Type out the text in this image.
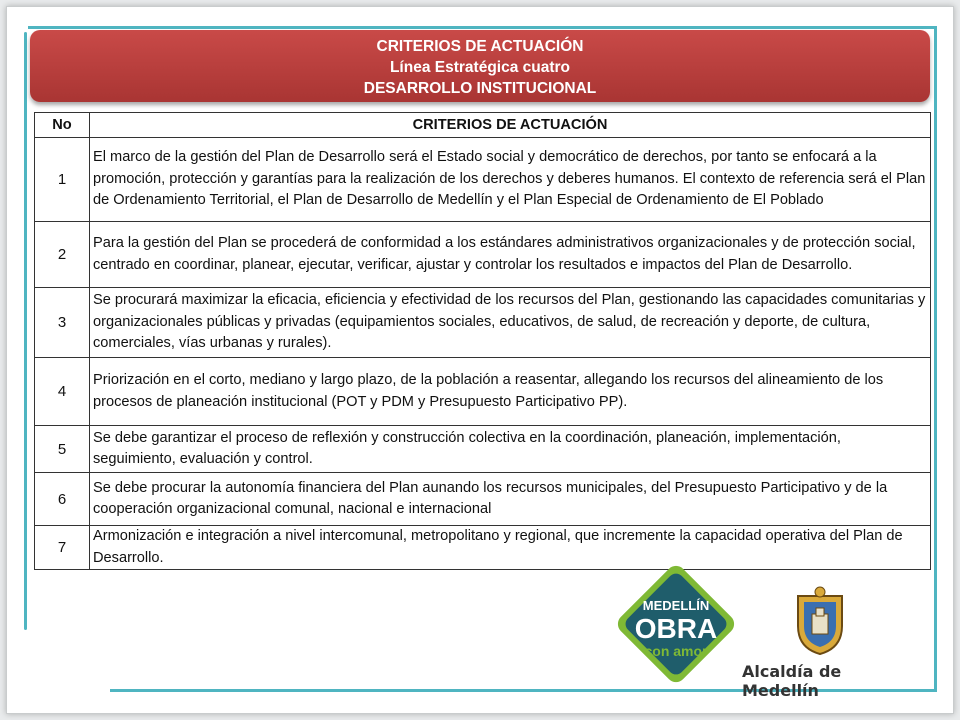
CRITERIOS DE ACTUACIÓN
Línea Estratégica cuatro
DESARROLLO INSTITUCIONAL
No	CRITERIOS DE ACTUACIÓN
1	El marco de la gestión del Plan de Desarrollo será el Estado social y democrático de derechos, por tanto se enfocará a la promoción, protección y garantías para la realización de los derechos y deberes humanos. El contexto de referencia será el Plan de Ordenamiento Territorial, el Plan de Desarrollo de Medellín y el Plan Especial de Ordenamiento de El Poblado
2	Para la gestión del Plan se procederá de conformidad a los estándares administrativos organizacionales y de protección social, centrado en coordinar, planear, ejecutar, verificar, ajustar y controlar los resultados e impactos del Plan de Desarrollo.
3	Se procurará maximizar la eficacia, eficiencia y efectividad de los recursos del Plan, gestionando las capacidades comunitarias y organizacionales públicas y privadas (equipamientos sociales, educativos, de salud, de recreación y deporte, de cultura, comerciales, vías urbanas y rurales).
4	Priorización en el corto, mediano y largo plazo, de la población a reasentar, allegando los recursos del alineamiento de los procesos de planeación institucional (POT y PDM y Presupuesto Participativo PP).
5	Se debe garantizar el proceso de reflexión y construcción colectiva en la coordinación, planeación, implementación, seguimiento, evaluación y control.
6	Se debe procurar la autonomía financiera del Plan aunando los recursos municipales, del Presupuesto Participativo y de la cooperación organizacional comunal, nacional e internacional
7	Armonización e integración a nivel intercomunal, metropolitano y regional, que incremente la capacidad operativa del Plan de Desarrollo.
MEDELLÍN
OBRA
con amor
Alcaldía de Medellín
